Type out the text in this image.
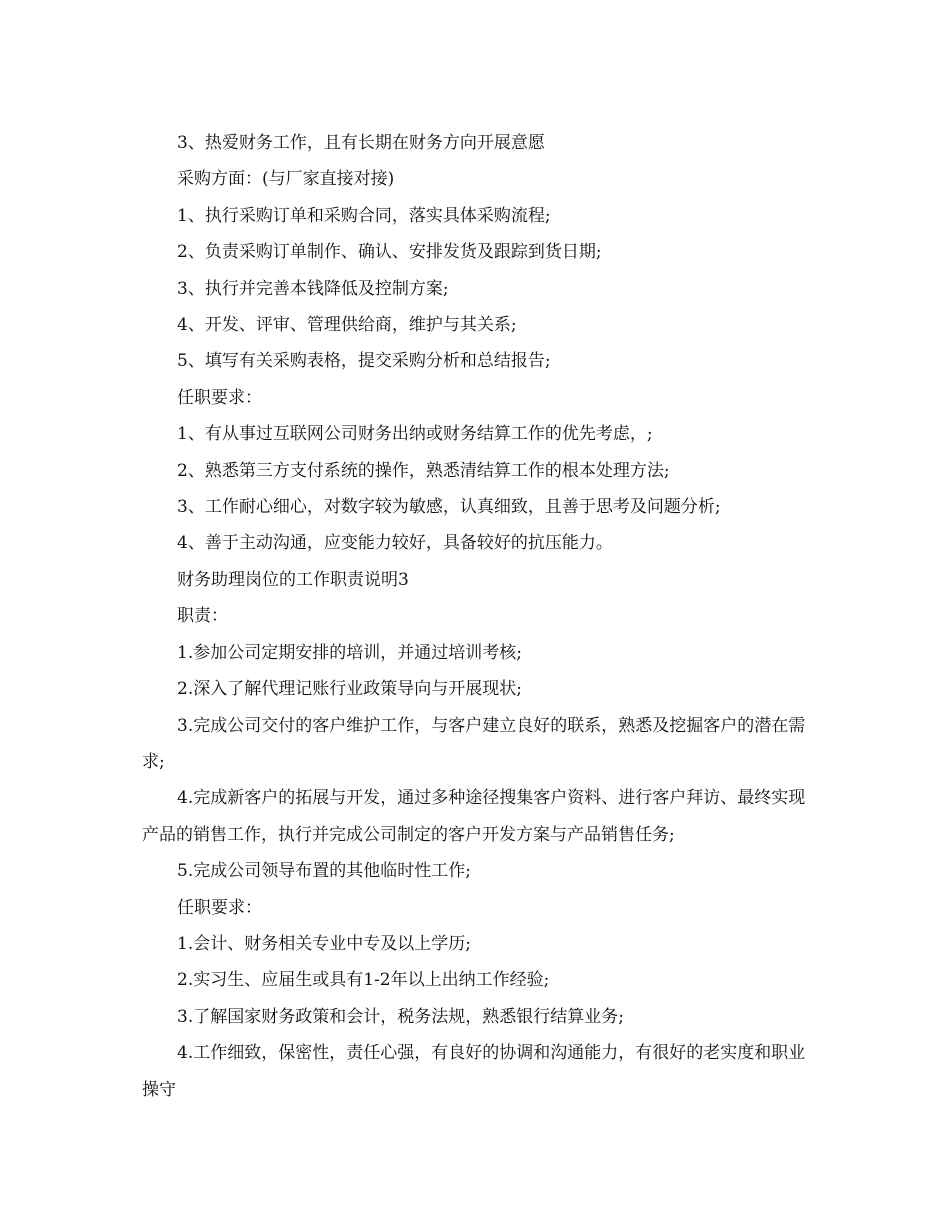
3、热爱财务工作，且有长期在财务方向开展意愿

采购方面：(与厂家直接对接)

1、执行采购订单和采购合同，落实具体采购流程;

2、负责采购订单制作、确认、安排发货及跟踪到货日期;

3、执行并完善本钱降低及控制方案;

4、开发、评审、管理供给商，维护与其关系;

5、填写有关采购表格，提交采购分析和总结报告;

任职要求：

1、有从事过互联网公司财务出纳或财务结算工作的优先考虑，;

2、熟悉第三方支付系统的操作，熟悉清结算工作的根本处理方法;

3、工作耐心细心，对数字较为敏感，认真细致，且善于思考及问题分析;

4、善于主动沟通，应变能力较好，具备较好的抗压能力。

财务助理岗位的工作职责说明3

职责：

1.参加公司定期安排的培训，并通过培训考核;

2.深入了解代理记账行业政策导向与开展现状;

3.完成公司交付的客户维护工作，与客户建立良好的联系，熟悉及挖掘客户的潜在需求;

4.完成新客户的拓展与开发，通过多种途径搜集客户资料、进行客户拜访、最终实现产品的销售工作，执行并完成公司制定的客户开发方案与产品销售任务;

5.完成公司领导布置的其他临时性工作;

任职要求：

1.会计、财务相关专业中专及以上学历;

2.实习生、应届生或具有1-2年以上出纳工作经验;

3.了解国家财务政策和会计，税务法规，熟悉银行结算业务;

4.工作细致，保密性，责任心强，有良好的协调和沟通能力，有很好的老实度和职业操守
